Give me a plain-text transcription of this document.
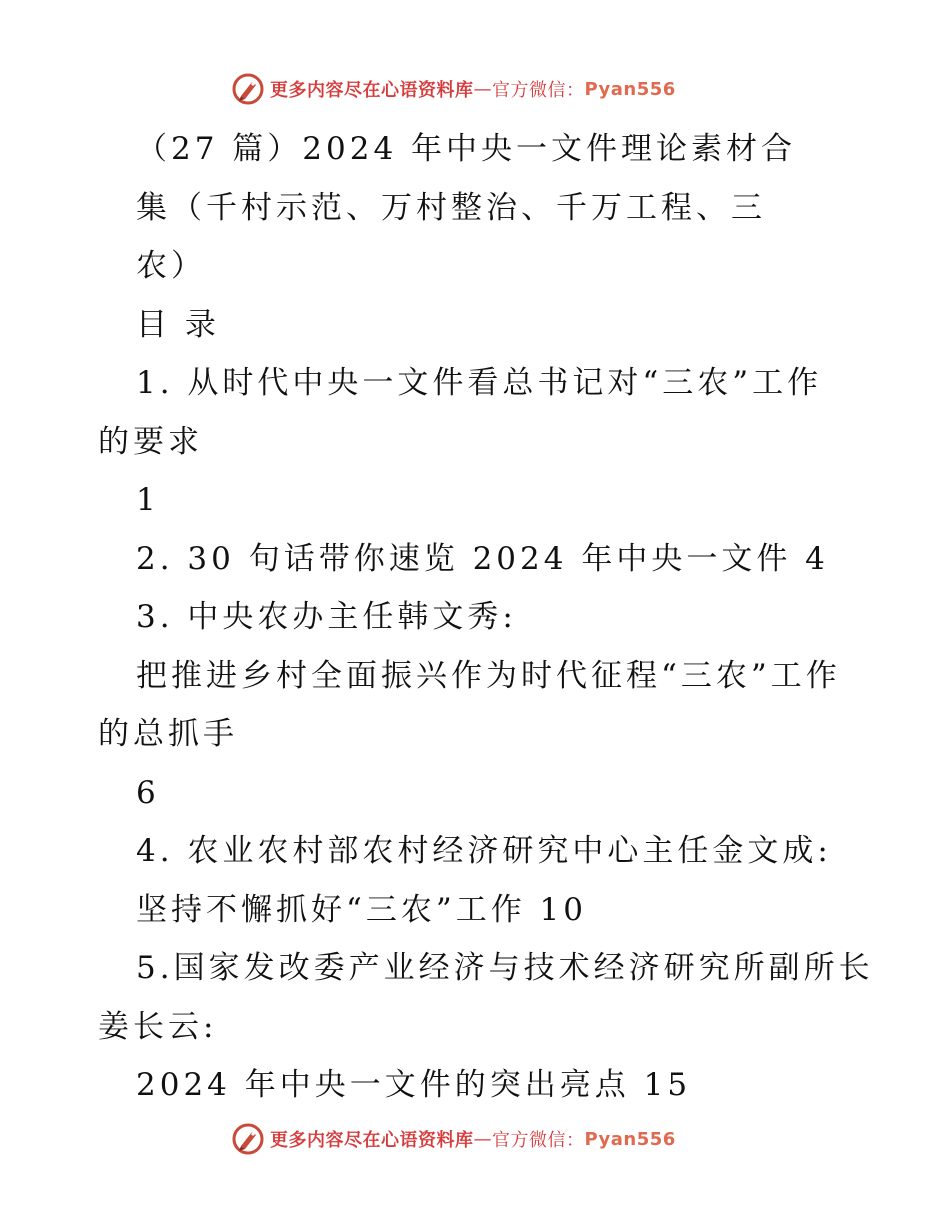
更多内容尽在心语资料库 — 官方微信 ： Pyan556
（27 篇）2024 年中央一文件理论素材合
集（千村示范、万村整治、千万工程、三
农）
目 录
1. 从时代中央一文件看总书记对“三农”工作
的要求
1
2. 30 句话带你速览 2024 年中央一文件 4
3. 中央农办主任韩文秀:
把推进乡村全面振兴作为时代征程“三农”工作
的总抓手
6
4. 农业农村部农村经济研究中心主任金文成:
坚持不懈抓好“三农”工作 10
5.国家发改委产业经济与技术经济研究所副所长
姜长云:
2024 年中央一文件的突出亮点 15
更多内容尽在心语资料库 — 官方微信 ： Pyan556
